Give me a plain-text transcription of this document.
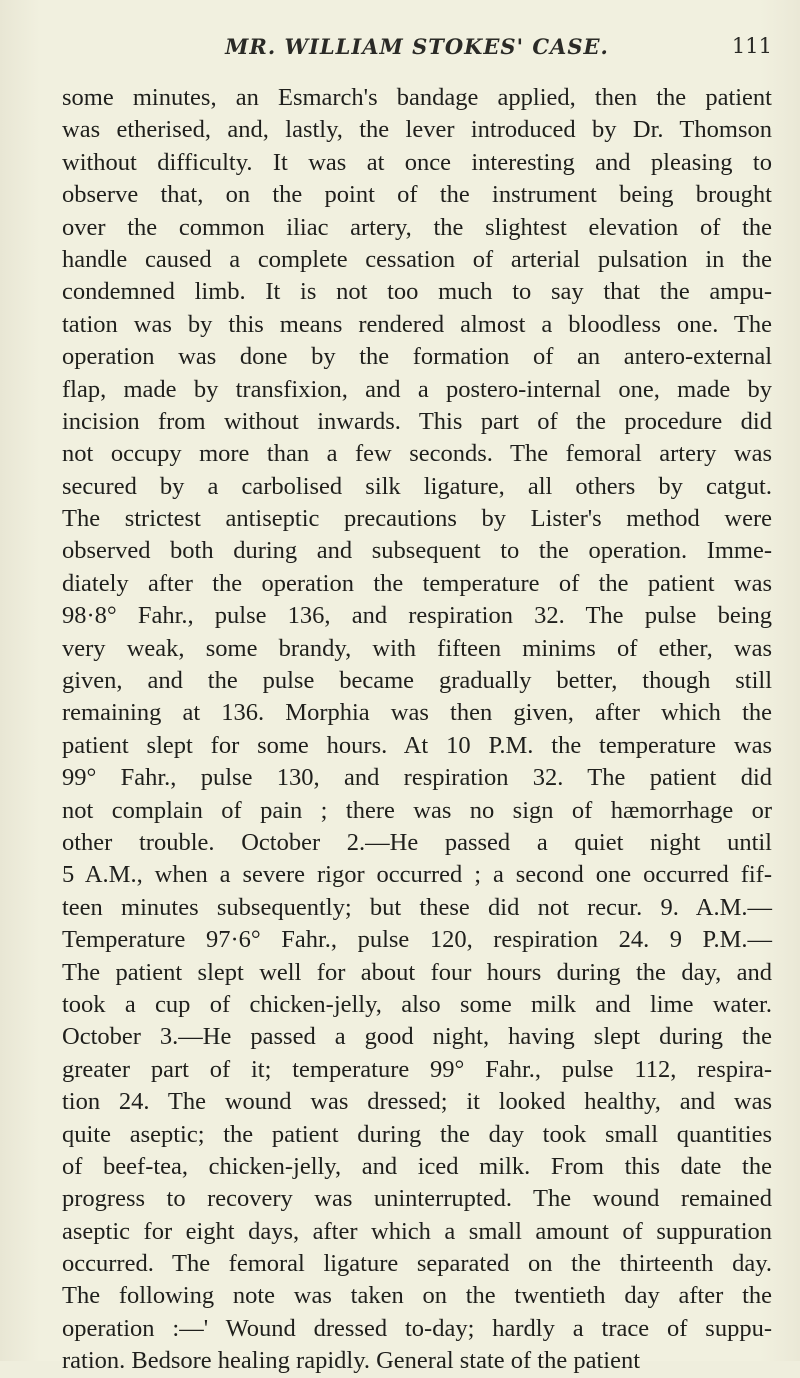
MR. WILLIAM STOKES' CASE.	111
some minutes, an Esmarch's bandage applied, then the patient
was etherised, and, lastly, the lever introduced by Dr. Thomson
without difficulty. It was at once interesting and pleasing to
observe that, on the point of the instrument being brought
over the common iliac artery, the slightest elevation of the
handle caused a complete cessation of arterial pulsation in the
condemned limb. It is not too much to say that the ampu-
tation was by this means rendered almost a bloodless one. The
operation was done by the formation of an antero-external
flap, made by transfixion, and a postero-internal one, made by
incision from without inwards. This part of the procedure did
not occupy more than a few seconds. The femoral artery was
secured by a carbolised silk ligature, all others by catgut.
The strictest antiseptic precautions by Lister's method were
observed both during and subsequent to the operation. Imme-
diately after the operation the temperature of the patient was
98·8° Fahr., pulse 136, and respiration 32. The pulse being
very weak, some brandy, with fifteen minims of ether, was
given, and the pulse became gradually better, though still
remaining at 136. Morphia was then given, after which the
patient slept for some hours. At 10 P.M. the temperature was
99° Fahr., pulse 130, and respiration 32. The patient did
not complain of pain ; there was no sign of hæmorrhage or
other trouble. October 2.—He passed a quiet night until
5 A.M., when a severe rigor occurred ; a second one occurred fif-
teen minutes subsequently; but these did not recur. 9. A.M.—
Temperature 97·6° Fahr., pulse 120, respiration 24. 9 P.M.—
The patient slept well for about four hours during the day, and
took a cup of chicken-jelly, also some milk and lime water.
October 3.—He passed a good night, having slept during the
greater part of it; temperature 99° Fahr., pulse 112, respira-
tion 24. The wound was dressed; it looked healthy, and was
quite aseptic; the patient during the day took small quantities
of beef-tea, chicken-jelly, and iced milk. From this date the
progress to recovery was uninterrupted. The wound remained
aseptic for eight days, after which a small amount of suppuration
occurred. The femoral ligature separated on the thirteenth day.
The following note was taken on the twentieth day after the
operation :—' Wound dressed to-day; hardly a trace of suppu-
ration. Bedsore healing rapidly. General state of the patient
